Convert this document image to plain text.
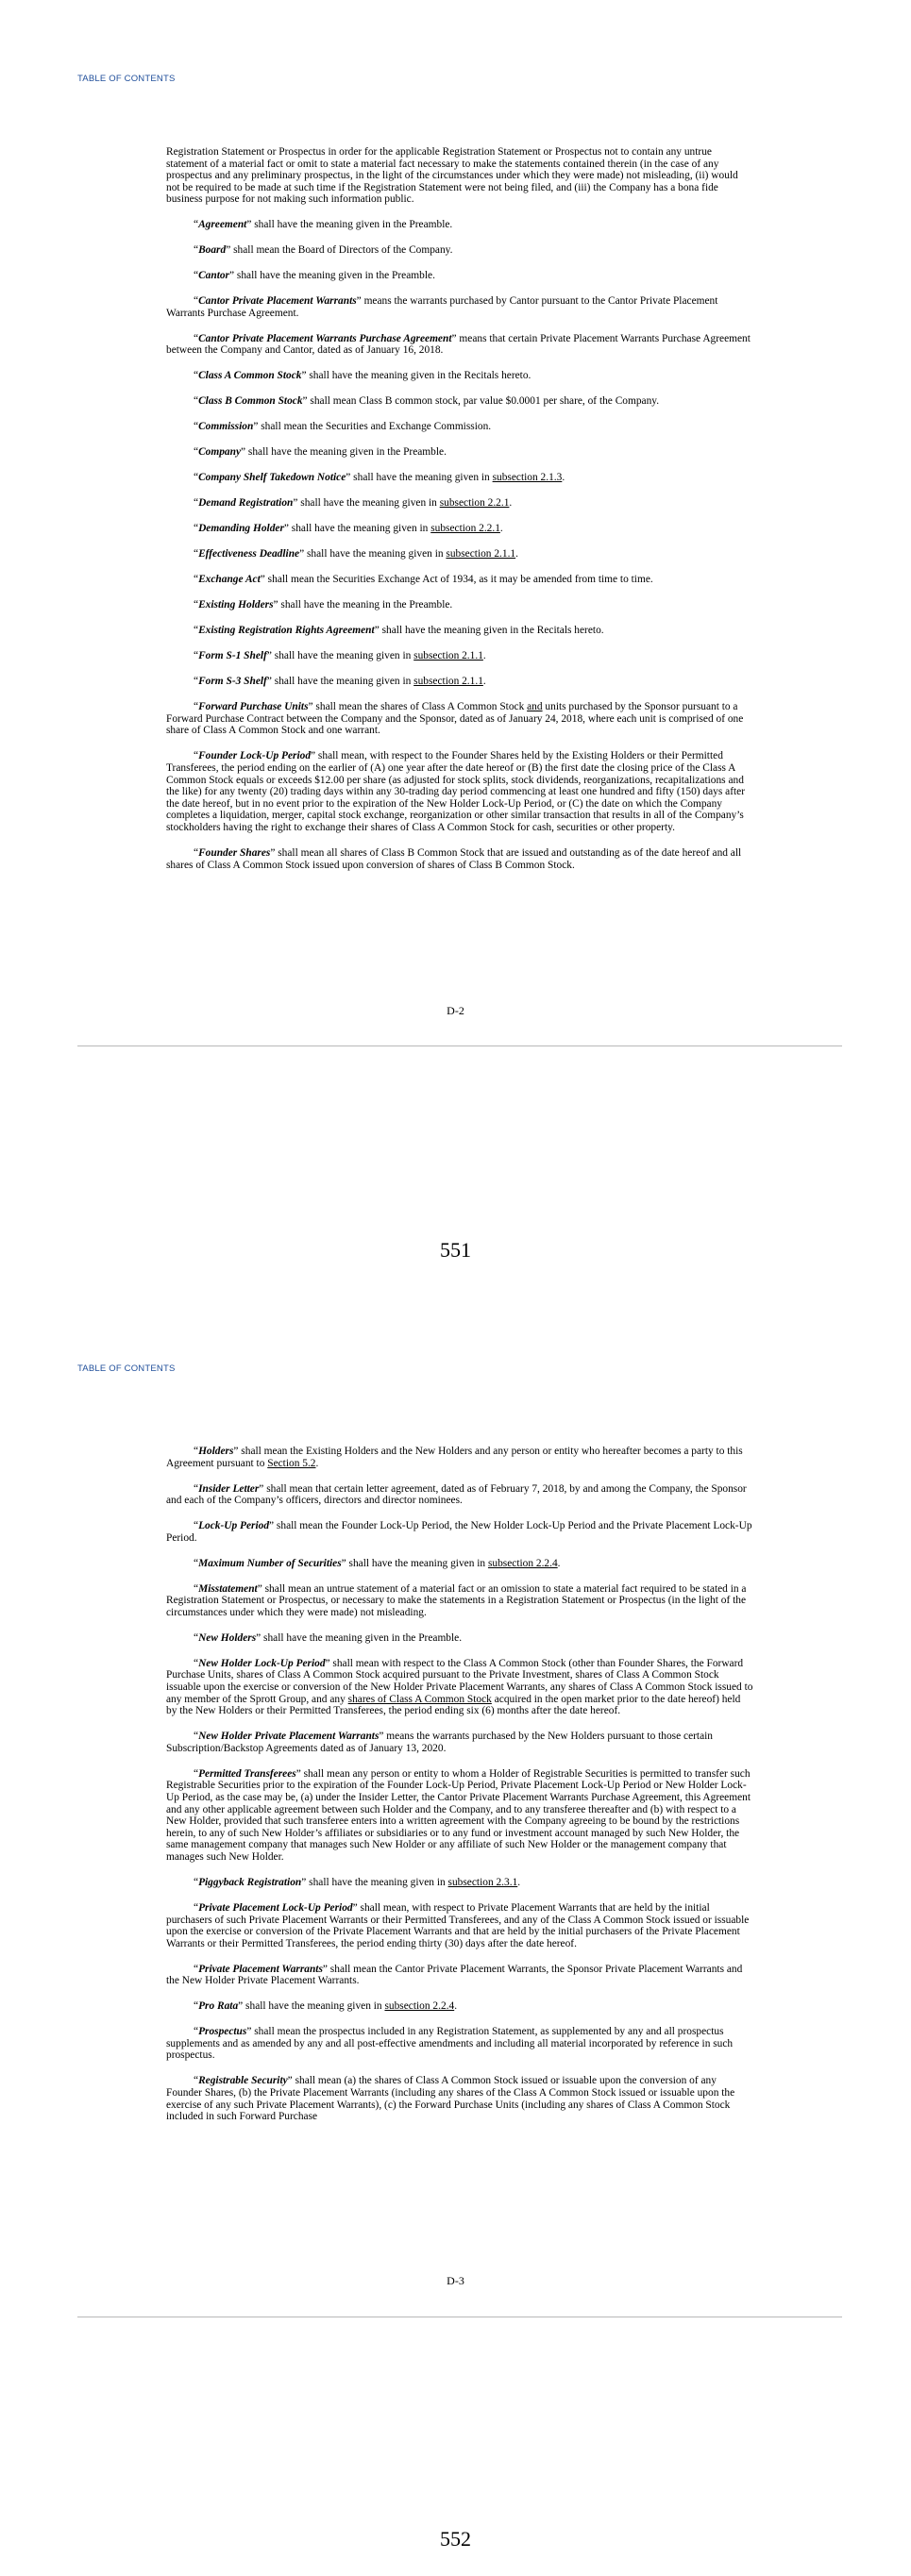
TABLE OF CONTENTS

Registration Statement or Prospectus in order for the applicable Registration Statement or Prospectus not to contain any untrue statement of a material fact or omit to state a material fact necessary to make the statements contained therein (in the case of any prospectus and any preliminary prospectus, in the light of the circumstances under which they were made) not misleading, (ii) would not be required to be made at such time if the Registration Statement were not being filed, and (iii) the Company has a bona fide business purpose for not making such information public.

“Agreement” shall have the meaning given in the Preamble.

“Board” shall mean the Board of Directors of the Company.

“Cantor” shall have the meaning given in the Preamble.

“Cantor Private Placement Warrants” means the warrants purchased by Cantor pursuant to the Cantor Private Placement Warrants Purchase Agreement.

“Cantor Private Placement Warrants Purchase Agreement” means that certain Private Placement Warrants Purchase Agreement between the Company and Cantor, dated as of January 16, 2018.

“Class A Common Stock” shall have the meaning given in the Recitals hereto.

“Class B Common Stock” shall mean Class B common stock, par value $0.0001 per share, of the Company.

“Commission” shall mean the Securities and Exchange Commission.

“Company” shall have the meaning given in the Preamble.

“Company Shelf Takedown Notice” shall have the meaning given in subsection 2.1.3.

“Demand Registration” shall have the meaning given in subsection 2.2.1.

“Demanding Holder” shall have the meaning given in subsection 2.2.1.

“Effectiveness Deadline” shall have the meaning given in subsection 2.1.1.

“Exchange Act” shall mean the Securities Exchange Act of 1934, as it may be amended from time to time.

“Existing Holders” shall have the meaning in the Preamble.

“Existing Registration Rights Agreement” shall have the meaning given in the Recitals hereto.

“Form S-1 Shelf” shall have the meaning given in subsection 2.1.1.

“Form S-3 Shelf” shall have the meaning given in subsection 2.1.1.

“Forward Purchase Units” shall mean the shares of Class A Common Stock and units purchased by the Sponsor pursuant to a Forward Purchase Contract between the Company and the Sponsor, dated as of January 24, 2018, where each unit is comprised of one share of Class A Common Stock and one warrant.

“Founder Lock-Up Period” shall mean, with respect to the Founder Shares held by the Existing Holders or their Permitted Transferees, the period ending on the earlier of (A) one year after the date hereof or (B) the first date the closing price of the Class A Common Stock equals or exceeds $12.00 per share (as adjusted for stock splits, stock dividends, reorganizations, recapitalizations and the like) for any twenty (20) trading days within any 30-trading day period commencing at least one hundred and fifty (150) days after the date hereof, but in no event prior to the expiration of the New Holder Lock-Up Period, or (C) the date on which the Company completes a liquidation, merger, capital stock exchange, reorganization or other similar transaction that results in all of the Company’s stockholders having the right to exchange their shares of Class A Common Stock for cash, securities or other property.

“Founder Shares” shall mean all shares of Class B Common Stock that are issued and outstanding as of the date hereof and all shares of Class A Common Stock issued upon conversion of shares of Class B Common Stock.

D-2
551
TABLE OF CONTENTS

“Holders” shall mean the Existing Holders and the New Holders and any person or entity who hereafter becomes a party to this Agreement pursuant to Section 5.2.

“Insider Letter” shall mean that certain letter agreement, dated as of February 7, 2018, by and among the Company, the Sponsor and each of the Company’s officers, directors and director nominees.

“Lock-Up Period” shall mean the Founder Lock-Up Period, the New Holder Lock-Up Period and the Private Placement Lock-Up Period.

“Maximum Number of Securities” shall have the meaning given in subsection 2.2.4.

“Misstatement” shall mean an untrue statement of a material fact or an omission to state a material fact required to be stated in a Registration Statement or Prospectus, or necessary to make the statements in a Registration Statement or Prospectus (in the light of the circumstances under which they were made) not misleading.

“New Holders” shall have the meaning given in the Preamble.

“New Holder Lock-Up Period” shall mean with respect to the Class A Common Stock (other than Founder Shares, the Forward Purchase Units, shares of Class A Common Stock acquired pursuant to the Private Investment, shares of Class A Common Stock issuable upon the exercise or conversion of the New Holder Private Placement Warrants, any shares of Class A Common Stock issued to any member of the Sprott Group, and any shares of Class A Common Stock acquired in the open market prior to the date hereof) held by the New Holders or their Permitted Transferees, the period ending six (6) months after the date hereof.

“New Holder Private Placement Warrants” means the warrants purchased by the New Holders pursuant to those certain Subscription/Backstop Agreements dated as of January 13, 2020.

“Permitted Transferees” shall mean any person or entity to whom a Holder of Registrable Securities is permitted to transfer such Registrable Securities prior to the expiration of the Founder Lock-Up Period, Private Placement Lock-Up Period or New Holder Lock-Up Period, as the case may be, (a) under the Insider Letter, the Cantor Private Placement Warrants Purchase Agreement, this Agreement and any other applicable agreement between such Holder and the Company, and to any transferee thereafter and (b) with respect to a New Holder, provided that such transferee enters into a written agreement with the Company agreeing to be bound by the restrictions herein, to any of such New Holder’s affiliates or subsidiaries or to any fund or investment account managed by such New Holder, the same management company that manages such New Holder or any affiliate of such New Holder or the management company that manages such New Holder.

“Piggyback Registration” shall have the meaning given in subsection 2.3.1.

“Private Placement Lock-Up Period” shall mean, with respect to Private Placement Warrants that are held by the initial purchasers of such Private Placement Warrants or their Permitted Transferees, and any of the Class A Common Stock issued or issuable upon the exercise or conversion of the Private Placement Warrants and that are held by the initial purchasers of the Private Placement Warrants or their Permitted Transferees, the period ending thirty (30) days after the date hereof.

“Private Placement Warrants” shall mean the Cantor Private Placement Warrants, the Sponsor Private Placement Warrants and the New Holder Private Placement Warrants.

“Pro Rata” shall have the meaning given in subsection 2.2.4.

“Prospectus” shall mean the prospectus included in any Registration Statement, as supplemented by any and all prospectus supplements and as amended by any and all post-effective amendments and including all material incorporated by reference in such prospectus.

“Registrable Security” shall mean (a) the shares of Class A Common Stock issued or issuable upon the conversion of any Founder Shares, (b) the Private Placement Warrants (including any shares of the Class A Common Stock issued or issuable upon the exercise of any such Private Placement Warrants), (c) the Forward Purchase Units (including any shares of Class A Common Stock included in such Forward Purchase

D-3
552
